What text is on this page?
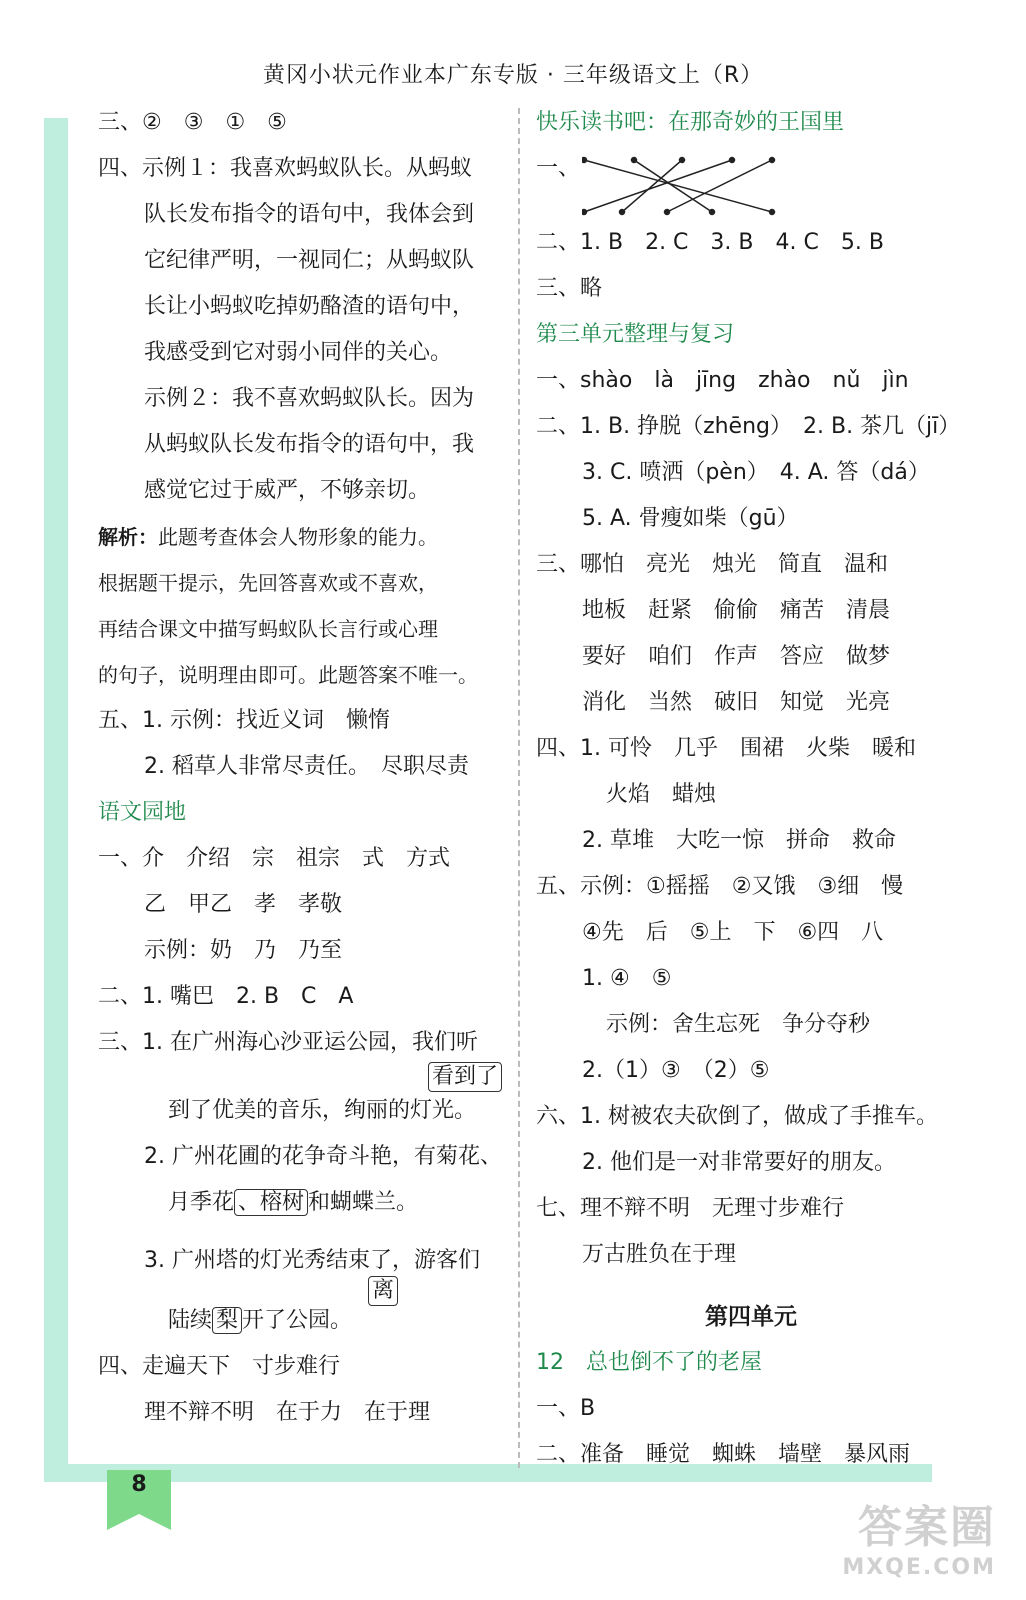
黄冈小状元作业本广东专版 · 三年级语文上（R）
三、②　③　①　⑤
四、示例１：我喜欢蚂蚁队长。从蚂蚁
队长发布指令的语句中，我体会到
它纪律严明，一视同仁；从蚂蚁队
长让小蚂蚁吃掉奶酪渣的语句中，
我感受到它对弱小同伴的关心。
示例２：我不喜欢蚂蚁队长。因为
从蚂蚁队长发布指令的语句中，我
感觉它过于威严，不够亲切。
解析：此题考查体会人物形象的能力。
根据题干提示，先回答喜欢或不喜欢，
再结合课文中描写蚂蚁队长言行或心理
的句子，说明理由即可。此题答案不唯一。
五、1. 示例：找近义词　懒惰
2. 稻草人非常尽责任。　尽职尽责
语文园地
一、介　介绍　宗　祖宗　式　方式
乙　甲乙　孝　孝敬
示例：奶　乃　乃至
二、1. 嘴巴　2. B　C　A
三、1. 在广州海心沙亚运公园，我们听
看到了
到了优美的音乐，绚丽的灯光。
2. 广州花圃的花争奇斗艳，有菊花、
月季花 、榕树 和蝴蝶兰。
3. 广州塔的灯光秀结束了，游客们
离
陆续 梨 开了公园。
四、走遍天下　寸步难行
理不辩不明　在于力　在于理
快乐读书吧：在那奇妙的王国里
一、
二、1. B　2. C　3. B　4. C　5. B
三、略
第三单元整理与复习
一、shào　là　jīng　zhào　nǔ　jìn
二、1. B. 挣脱（zhēng）　2. B. 茶几（jī）
3. C. 喷洒（pèn）　4. A. 答（dá）
5. A. 骨瘦如柴（gū）
三、哪怕　亮光　烛光　简直　温和
地板　赶紧　偷偷　痛苦　清晨
要好　咱们　作声　答应　做梦
消化　当然　破旧　知觉　光亮
四、1. 可怜　几乎　围裙　火柴　暖和
火焰　蜡烛
2. 草堆　大吃一惊　拼命　救命
五、示例：①摇摇　②又饿　③细　慢
④先　后　⑤上　下　⑥四　八
1. ④　⑤
示例：舍生忘死　争分夺秒
2.（1）③　（2）⑤
六、1. 树被农夫砍倒了，做成了手推车。
2. 他们是一对非常要好的朋友。
七、理不辩不明　无理寸步难行
万古胜负在于理
第四单元
12　总也倒不了的老屋
一、B
二、准备　睡觉　蜘蛛　墙壁　暴风雨
8
答案圈
MXQE.COM
